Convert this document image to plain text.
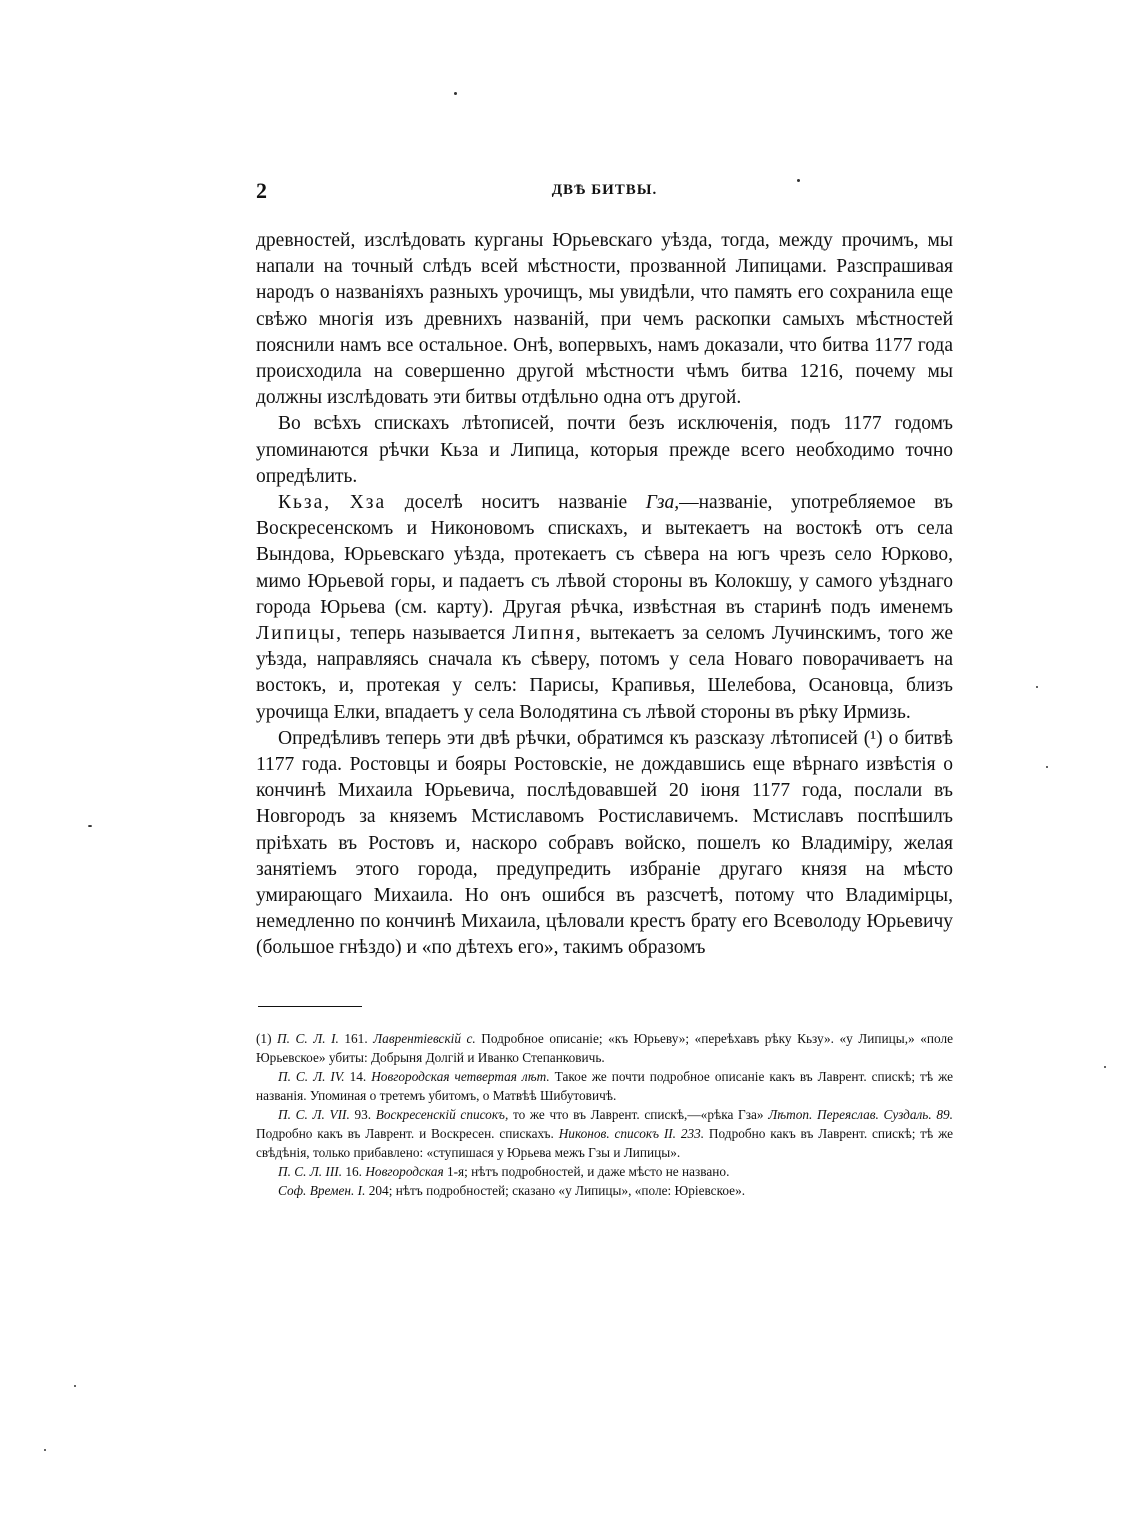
2	ДВѢ БИТВЫ.

древностей, изслѣдовать курганы Юрьевскаго уѣзда, тогда, между прочимъ, мы напали на точный слѣдъ всей мѣстности, прозванной Липицами. Разспрашивая народъ о названіяхъ разныхъ урочищъ, мы увидѣли, что память его сохранила еще свѣжо многія изъ древнихъ названій, при чемъ раскопки самыхъ мѣстностей пояснили намъ все остальное. Онѣ, вопервыхъ, намъ доказали, что битва 1177 года происходила на совершенно другой мѣстности чѣмъ битва 1216, почему мы должны изслѣдовать эти битвы отдѣльно одна отъ другой.

Во всѣхъ спискахъ лѣтописей, почти безъ исключенія, подъ 1177 годомъ упоминаются рѣчки Кьза и Липица, которыя прежде всего необходимо точно опредѣлить.

Кьза, Хза доселѣ носитъ названіе Гза,—названіе, употребляемое въ Воскресенскомъ и Никоновомъ спискахъ, и вытекаетъ на востокѣ отъ села Вындова, Юрьевскаго уѣзда, протекаетъ съ сѣвера на югъ чрезъ село Юрково, мимо Юрьевой горы, и падаетъ съ лѣвой стороны въ Колокшу, у самого уѣзднаго города Юрьева (см. карту). Другая рѣчка, извѣстная въ старинѣ подъ именемъ Липицы, теперь называется Липня, вытекаетъ за селомъ Лучинскимъ, того же уѣзда, направляясь сначала къ сѣверу, потомъ у села Новаго поворачиваетъ на востокъ, и, протекая у селъ: Парисы, Крапивья, Шелебова, Осановца, близъ урочища Елки, впадаетъ у села Володятина съ лѣвой стороны въ рѣку Ирмизь.

Опредѣливъ теперь эти двѣ рѣчки, обратимся къ разсказу лѣтописей (¹) о битвѣ 1177 года. Ростовцы и бояры Ростовскіе, не дождавшись еще вѣрнаго извѣстія о кончинѣ Михаила Юрьевича, послѣдовавшей 20 іюня 1177 года, послали въ Новгородъ за княземъ Мстиславомъ Ростиславичемъ. Мстиславъ поспѣшилъ пріѣхать въ Ростовъ и, наскоро собравъ войско, пошелъ ко Владиміру, желая занятіемъ этого города, предупредить избраніе другаго князя на мѣсто умирающаго Михаила. Но онъ ошибся въ разсчетѣ, потому что Владимірцы, немедленно по кончинѣ Михаила, цѣловали крестъ брату его Всеволоду Юрьевичу (большое гнѣздо) и «по дѣтехъ его», такимъ образомъ

(1) П. С. Л. I. 161. Лаврентіевскій с. Подробное описаніе; «къ Юрьеву»; «переѣхавъ рѣку Кьзу». «у Липицы,» «поле Юрьевское» убиты: Добрыня Долгій и Иванко Степанковичь.

П. С. Л. IV. 14. Новгородская четвертая лѣт. Такое же почти подробное описаніе какъ въ Лаврент. спискѣ; тѣ же названія. Упоминая о третемъ убитомъ, о Матвѣѣ Шибутовичѣ.

П. С. Л. VII. 93. Воскресенскій списокъ, то же что въ Лаврент. спискѣ,—«рѣка Гза» Лѣтоп. Переяслав. Суздаль. 89. Подробно какъ въ Лаврент. и Воскресен. спискахъ. Никонов. списокъ II. 233. Подробно какъ въ Лаврент. спискѣ; тѣ же свѣдѣнія, только прибавлено: «ступишася у Юрьева межъ Гзы и Липицы».

П. С. Л. III. 16. Новгородская 1-я; нѣтъ подробностей, и даже мѣсто не названо.

Соф. Времен. I. 204; нѣтъ подробностей; сказано «у Липицы», «поле: Юріевское».
